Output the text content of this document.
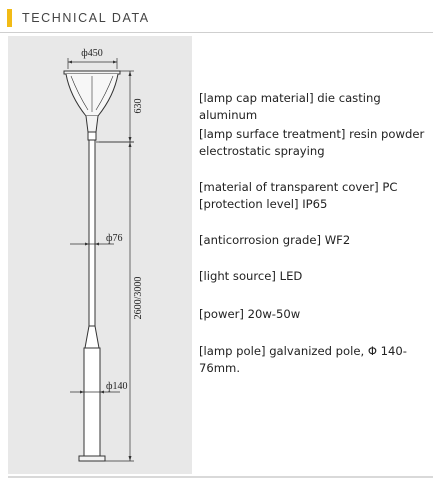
TECHNICAL DATA
ф450
630
ф76
2600/3000
ф140
[lamp cap material] die casting aluminum
[lamp surface treatment] resin powder electrostatic spraying
[material of transparent cover] PC [protection level] IP65
[anticorrosion grade] WF2
[light source] LED
[power] 20w-50w
[lamp pole] galvanized pole, Φ 140-76mm.
